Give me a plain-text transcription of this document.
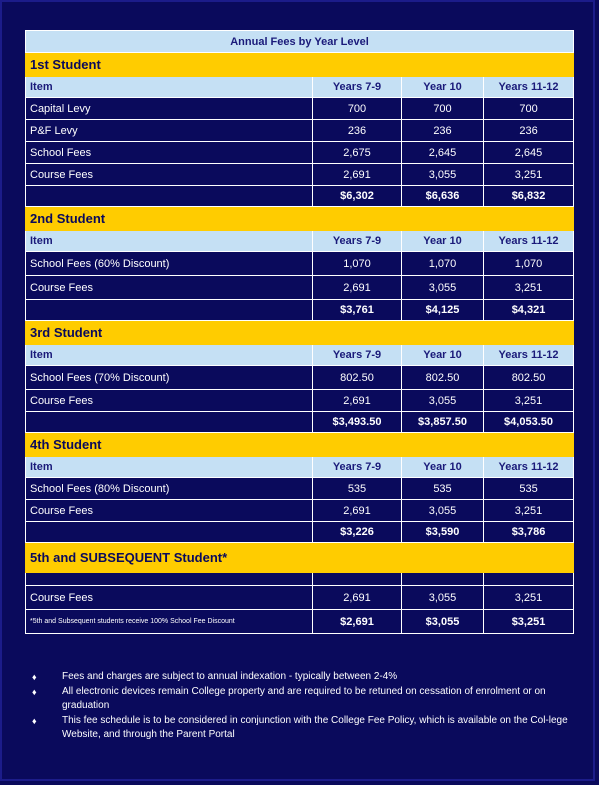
Annual Fees by Year Level			
1st Student			
Item	Years 7-9	Year 10	Years 11-12
Capital Levy	700	700	700
P&F Levy	236	236	236
School Fees	2,675	2,645	2,645
Course Fees	2,691	3,055	3,251
	$6,302	$6,636	$6,832
2nd Student			
Item	Years 7-9	Year 10	Years 11-12
School Fees (60% Discount)	1,070	1,070	1,070
Course Fees	2,691	3,055	3,251
	$3,761	$4,125	$4,321
3rd Student			
Item	Years 7-9	Year 10	Years 11-12
School Fees (70% Discount)	802.50	802.50	802.50
Course Fees	2,691	3,055	3,251
	$3,493.50	$3,857.50	$4,053.50
4th Student			
Item	Years 7-9	Year 10	Years 11-12
School Fees (80% Discount)	535	535	535
Course Fees	2,691	3,055	3,251
	$3,226	$3,590	$3,786
5th and SUBSEQUENT Student*			

Course Fees	2,691	3,055	3,251
*5th and Subsequent students receive 100% School Fee Discount	$2,691	$3,055	$3,251
♦	Fees and charges are subject to annual indexation - typically between 2-4%
♦	All electronic devices remain College property and are required to be retuned on cessation of enrolment or on graduation
♦	This fee schedule is to be considered in conjunction with the College Fee Policy, which is available on the Col-lege Website, and through the Parent Portal
